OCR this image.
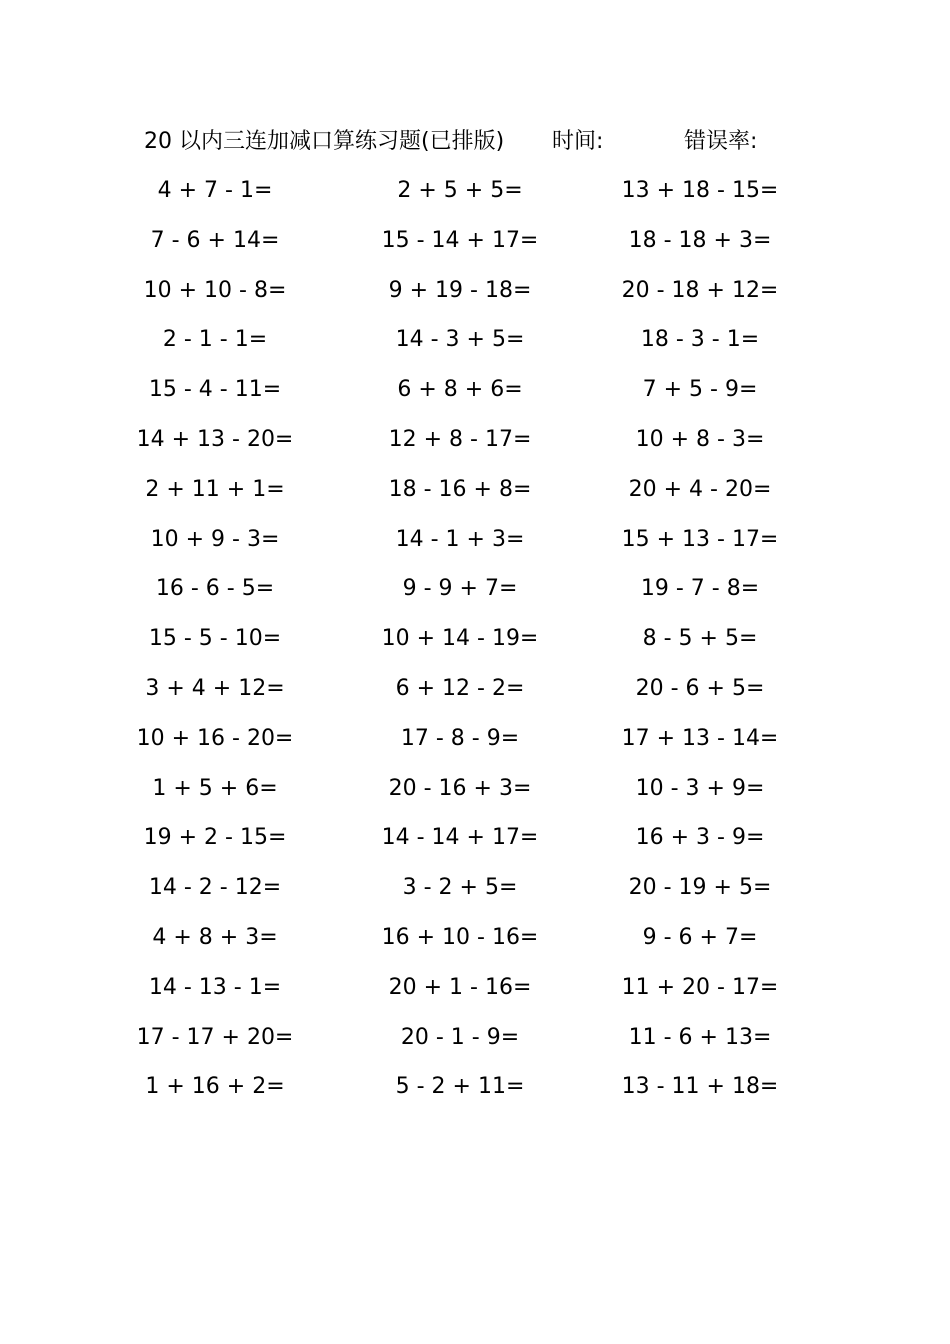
20 以内三连加减口算练习题(已排版) 时间:	错误率:
4 + 7 - 1=	2 + 5 + 5=	13 + 18 - 15=
7 - 6 + 14=	15 - 14 + 17=	18 - 18 + 3=
10 + 10 - 8=	9 + 19 - 18=	20 - 18 + 12=
2 - 1 - 1=	14 - 3 + 5=	18 - 3 - 1=
15 - 4 - 11=	6 + 8 + 6=	7 + 5 - 9=
14 + 13 - 20=	12 + 8 - 17=	10 + 8 - 3=
2 + 11 + 1=	18 - 16 + 8=	20 + 4 - 20=
10 + 9 - 3=	14 - 1 + 3=	15 + 13 - 17=
16 - 6 - 5=	9 - 9 + 7=	19 - 7 - 8=
15 - 5 - 10=	10 + 14 - 19=	8 - 5 + 5=
3 + 4 + 12=	6 + 12 - 2=	20 - 6 + 5=
10 + 16 - 20=	17 - 8 - 9=	17 + 13 - 14=
1 + 5 + 6=	20 - 16 + 3=	10 - 3 + 9=
19 + 2 - 15=	14 - 14 + 17=	16 + 3 - 9=
14 - 2 - 12=	3 - 2 + 5=	20 - 19 + 5=
4 + 8 + 3=	16 + 10 - 16=	9 - 6 + 7=
14 - 13 - 1=	20 + 1 - 16=	11 + 20 - 17=
17 - 17 + 20=	20 - 1 - 9=	11 - 6 + 13=
1 + 16 + 2=	5 - 2 + 11=	13 - 11 + 18=
